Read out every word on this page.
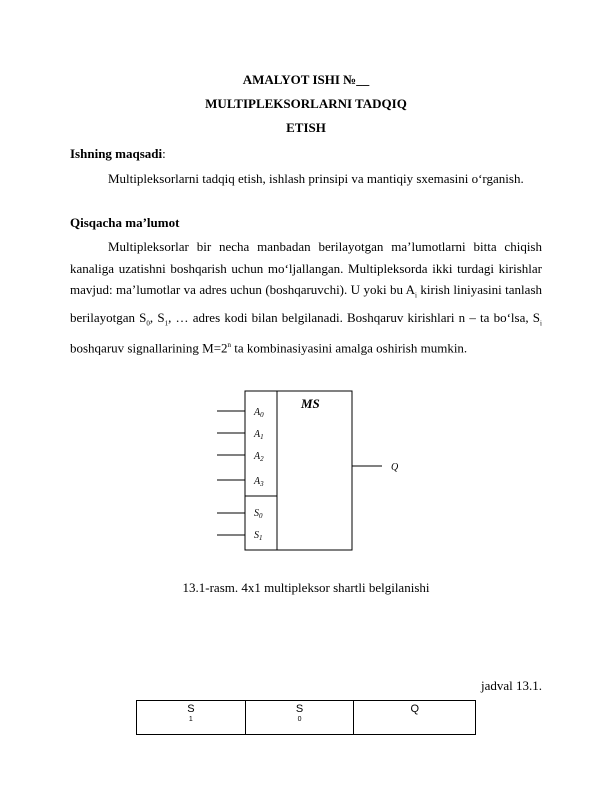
AMALYOT ISHI №__
MULTIPLEKSORLARNI TADQIQ
ETISH
Ishning maqsadi:
Multipleksorlarni tadqiq etish, ishlash prinsipi va mantiqiy sxemasini o‘rganish.
Qisqacha ma’lumot
Multipleksorlar bir necha manbadan berilayotgan ma’lumotlarni bitta chiqish kanaliga uzatishni boshqarish uchun mo‘ljallangan. Multipleksorda ikki turdagi kirishlar mavjud: ma’lumotlar va adres uchun (boshqaruvchi). U yoki bu $A_i$ kirish liniyasini tanlash berilayotgan $S_0$, $S_1$, … adres kodi bilan belgilanadi. Boshqaruv kirishlari n – ta bo‘lsa, $S_i$ boshqaruv signallarining $M=2^n$ ta kombinasiyasini amalga oshirish mumkin.
MS
$A_0$
$A_1$
$A_2$
$A_3$
$S_0$
$S_1$
Q
13.1-rasm. 4x1 multipleksor shartli belgilanishi
jadval 13.1.
S
1
	S
0
	Q
